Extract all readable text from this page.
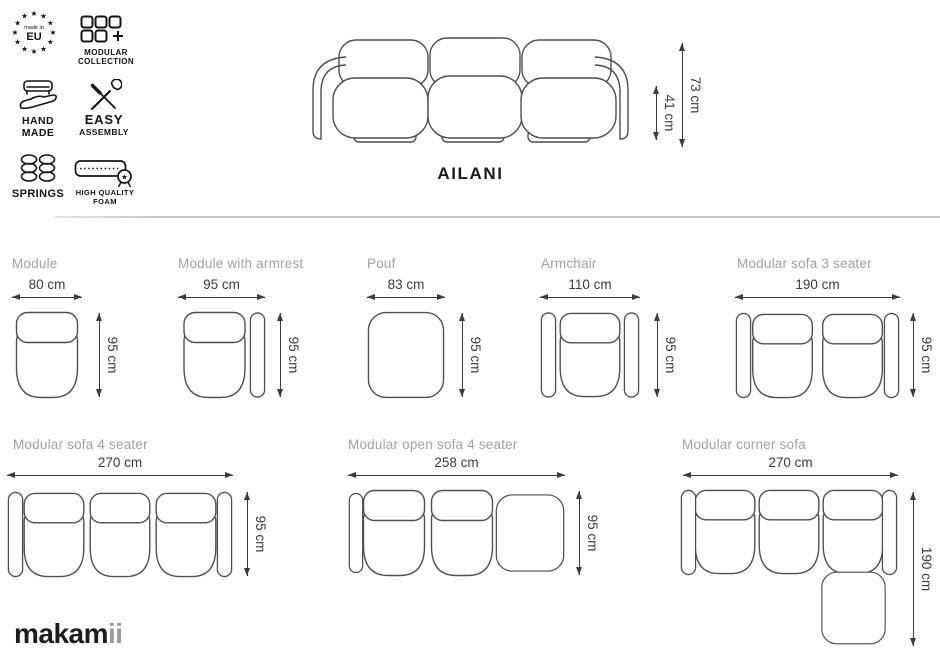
★ ★
★
★
★
★
★
★
★
★
★
★
made in
EU
MODULAR
COLLECTION
HAND
MADE
EASY
ASSEMBLY
SPRINGS
★
HIGH QUALITY
FOAM
41 cm 73 cm
AILANI
Module
80 cm
95 cm
Module with armrest
95 cm
95 cm
Pouf
83 cm
95 cm
Armchair
110 cm
95 cm
Modular sofa 3 seater
190 cm
95 cm
Modular sofa 4 seater
270 cm
95 cm
Modular open sofa 4 seater
258 cm
95 cm
Modular corner sofa
270 cm
190 cm
makamii
